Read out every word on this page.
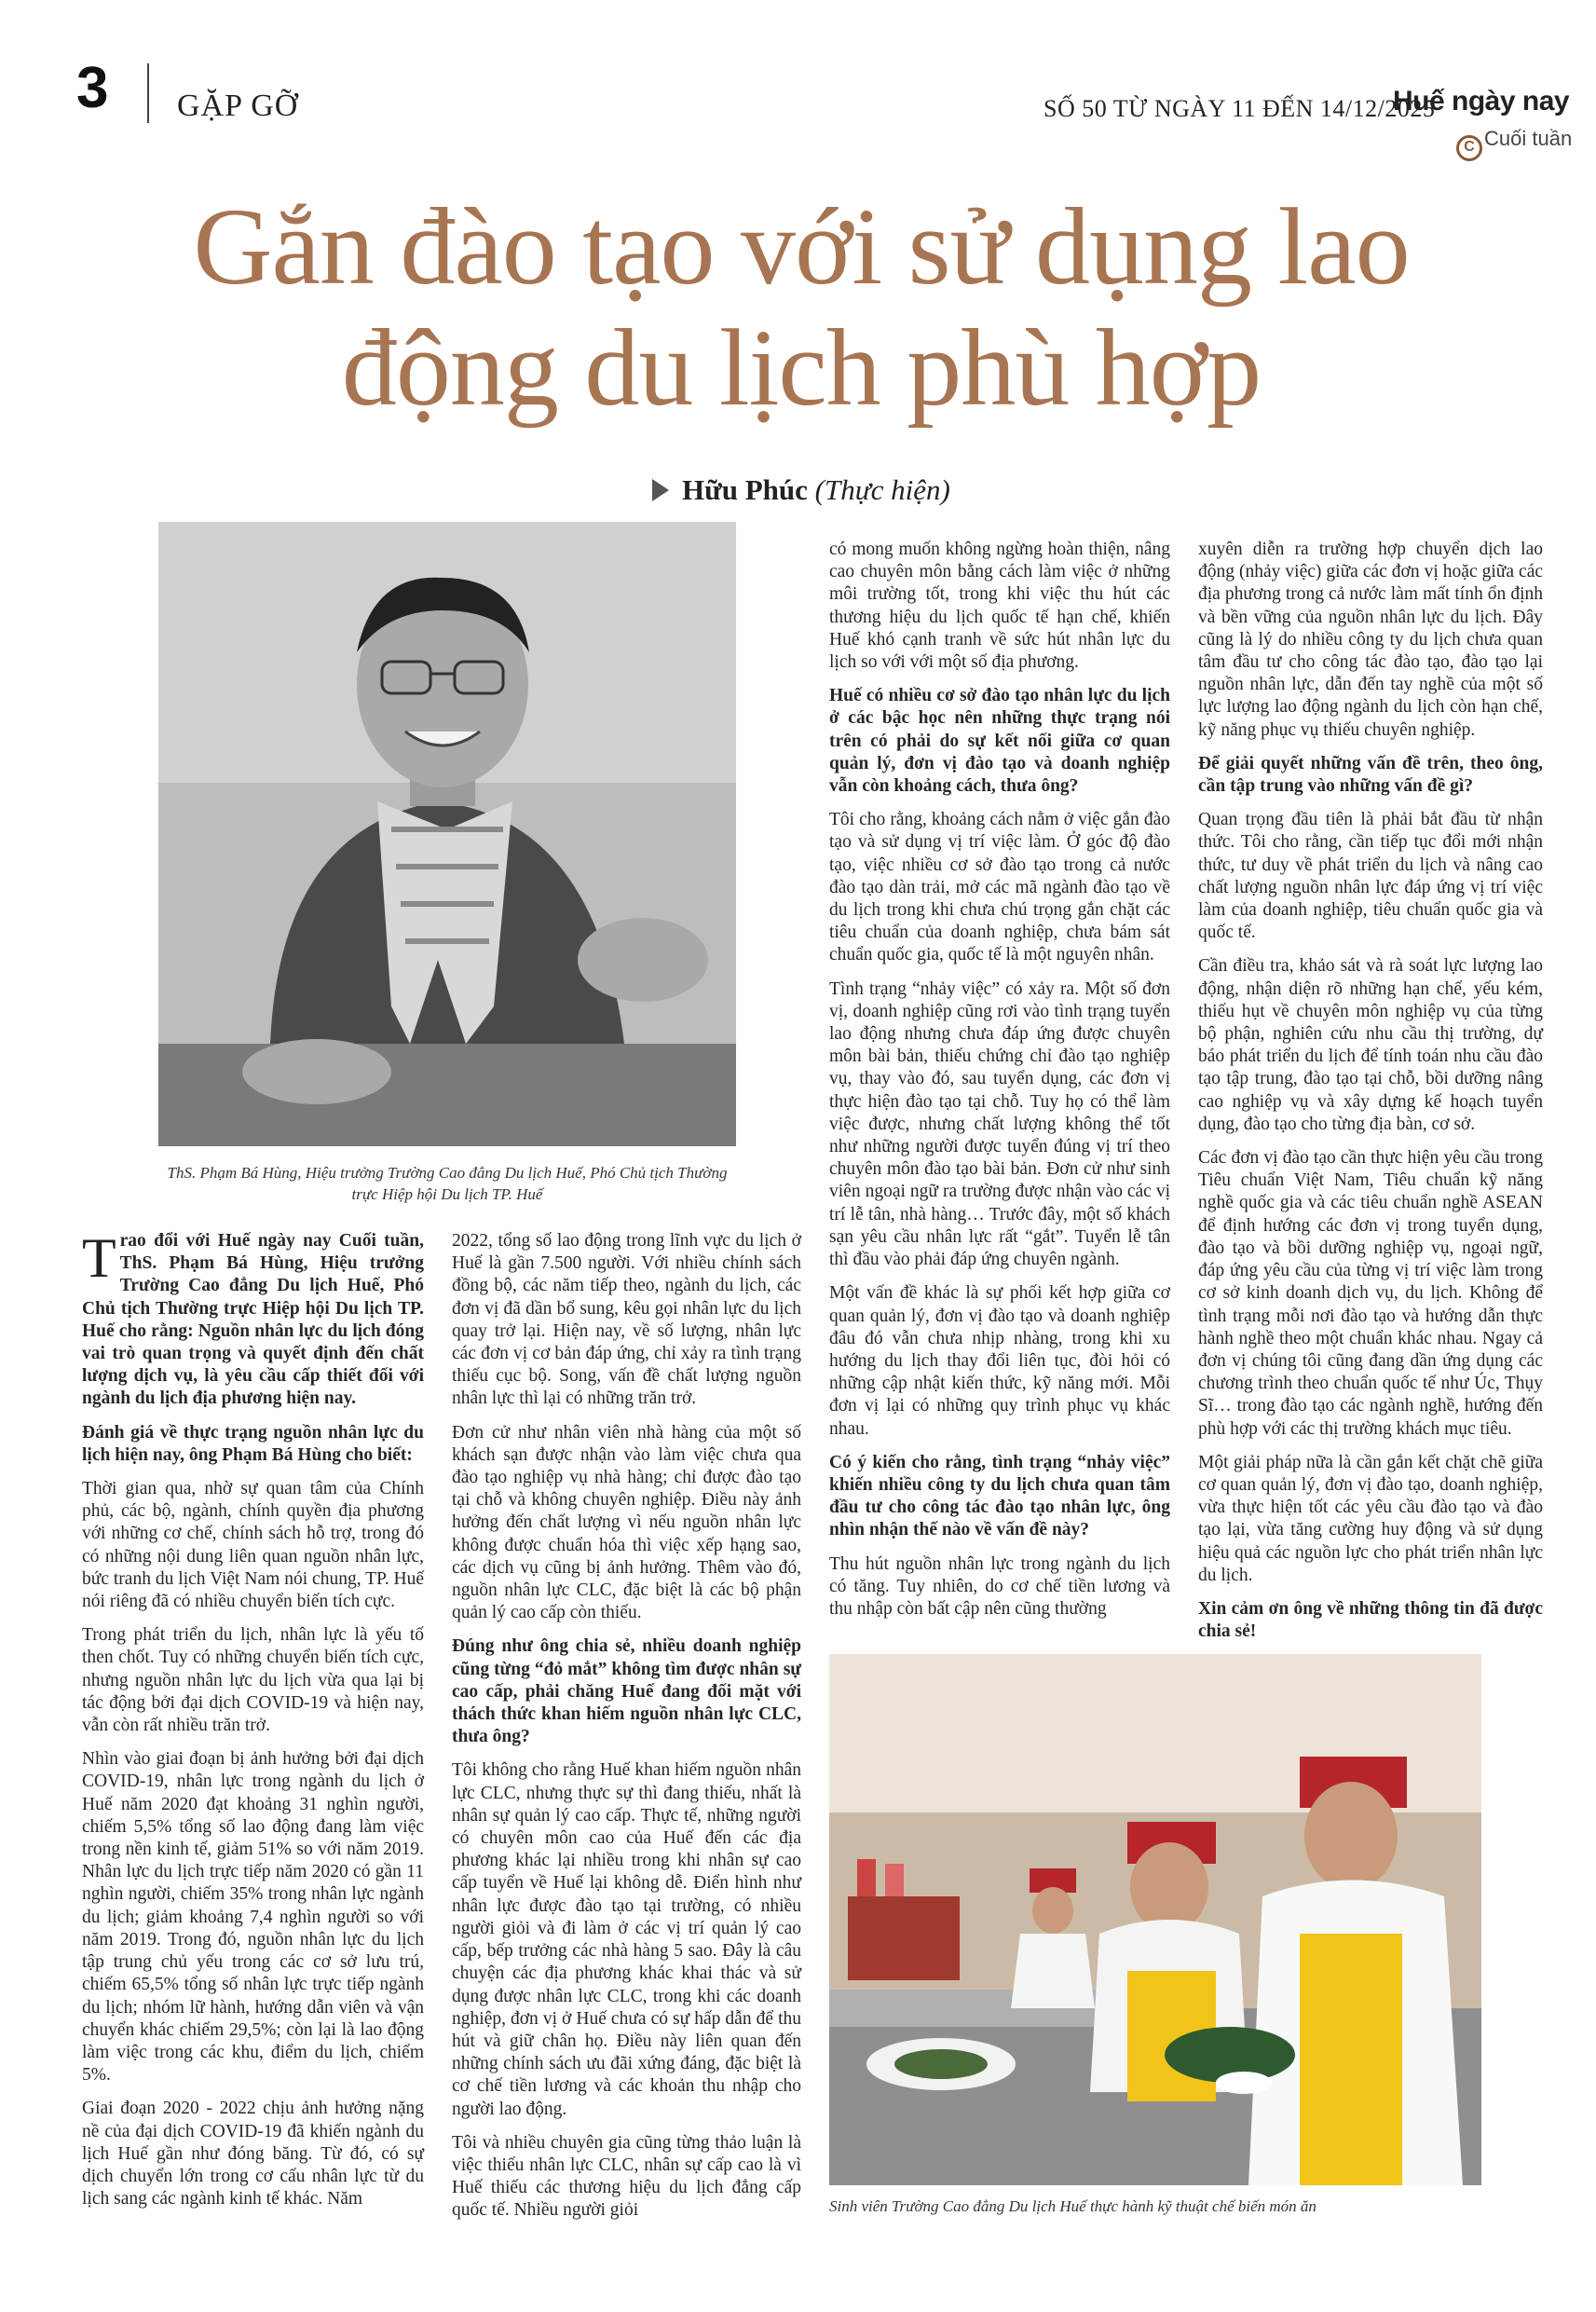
3 GẶP GỠ	SỐ 50 TỪ NGÀY 11 ĐẾN 14/12/2025
Huế ngày nay
C Cuối tuần
Gắn đào tạo với sử dụng lao động du lịch phù hợp
Hữu Phúc (Thực hiện)
ThS. Phạm Bá Hùng, Hiệu trưởng Trường Cao đẳng Du lịch Huế, Phó Chủ tịch Thường trực Hiệp hội Du lịch TP. Huế

Trao đổi với Huế ngày nay Cuối tuần, ThS. Phạm Bá Hùng, Hiệu trưởng Trường Cao đẳng Du lịch Huế, Phó Chủ tịch Thường trực Hiệp hội Du lịch TP. Huế cho rằng: Nguồn nhân lực du lịch đóng vai trò quan trọng và quyết định đến chất lượng dịch vụ, là yêu cầu cấp thiết đối với ngành du lịch địa phương hiện nay.

Đánh giá về thực trạng nguồn nhân lực du lịch hiện nay, ông Phạm Bá Hùng cho biết:

Thời gian qua, nhờ sự quan tâm của Chính phủ, các bộ, ngành, chính quyền địa phương với những cơ chế, chính sách hỗ trợ, trong đó có những nội dung liên quan nguồn nhân lực, bức tranh du lịch Việt Nam nói chung, TP. Huế nói riêng đã có nhiều chuyển biến tích cực.

Trong phát triển du lịch, nhân lực là yếu tố then chốt. Tuy có những chuyển biến tích cực, nhưng nguồn nhân lực du lịch vừa qua lại bị tác động bởi đại dịch COVID-19 và hiện nay, vẫn còn rất nhiều trăn trở.

Nhìn vào giai đoạn bị ảnh hưởng bởi đại dịch COVID-19, nhân lực trong ngành du lịch ở Huế năm 2020 đạt khoảng 31 nghìn người, chiếm 5,5% tổng số lao động đang làm việc trong nền kinh tế, giảm 51% so với năm 2019. Nhân lực du lịch trực tiếp năm 2020 có gần 11 nghìn người, chiếm 35% trong nhân lực ngành du lịch; giảm khoảng 7,4 nghìn người so với năm 2019. Trong đó, nguồn nhân lực du lịch tập trung chủ yếu trong các cơ sở lưu trú, chiếm 65,5% tổng số nhân lực trực tiếp ngành du lịch; nhóm lữ hành, hướng dẫn viên và vận chuyển khác chiếm 29,5%; còn lại là lao động làm việc trong các khu, điểm du lịch, chiếm 5%.

Giai đoạn 2020 - 2022 chịu ảnh hưởng nặng nề của đại dịch COVID-19 đã khiến ngành du lịch Huế gần như đóng băng. Từ đó, có sự dịch chuyển lớn trong cơ cấu nhân lực từ du lịch sang các ngành kinh tế khác. Năm

2022, tổng số lao động trong lĩnh vực du lịch ở Huế là gần 7.500 người. Với nhiều chính sách đồng bộ, các năm tiếp theo, ngành du lịch, các đơn vị đã dần bổ sung, kêu gọi nhân lực du lịch quay trở lại. Hiện nay, về số lượng, nhân lực các đơn vị cơ bản đáp ứng, chỉ xảy ra tình trạng thiếu cục bộ. Song, vấn đề chất lượng nguồn nhân lực thì lại có những trăn trở.

Đơn cử như nhân viên nhà hàng của một số khách sạn được nhận vào làm việc chưa qua đào tạo nghiệp vụ nhà hàng; chỉ được đào tạo tại chỗ và không chuyên nghiệp. Điều này ảnh hưởng đến chất lượng vì nếu nguồn nhân lực không được chuẩn hóa thì việc xếp hạng sao, các dịch vụ cũng bị ảnh hưởng. Thêm vào đó, nguồn nhân lực CLC, đặc biệt là các bộ phận quản lý cao cấp còn thiếu.

Đúng như ông chia sẻ, nhiều doanh nghiệp cũng từng “đỏ mắt” không tìm được nhân sự cao cấp, phải chăng Huế đang đối mặt với thách thức khan hiếm nguồn nhân lực CLC, thưa ông?

Tôi không cho rằng Huế khan hiếm nguồn nhân lực CLC, nhưng thực sự thì đang thiếu, nhất là nhân sự quản lý cao cấp. Thực tế, những người có chuyên môn cao của Huế đến các địa phương khác lại nhiều trong khi nhân sự cao cấp tuyển về Huế lại không dễ. Điển hình như nhân lực được đào tạo tại trường, có nhiều người giỏi và đi làm ở các vị trí quản lý cao cấp, bếp trưởng các nhà hàng 5 sao. Đây là câu chuyện các địa phương khác khai thác và sử dụng được nhân lực CLC, trong khi các doanh nghiệp, đơn vị ở Huế chưa có sự hấp dẫn để thu hút và giữ chân họ. Điều này liên quan đến những chính sách ưu đãi xứng đáng, đặc biệt là cơ chế tiền lương và các khoản thu nhập cho người lao động.

Tôi và nhiều chuyên gia cũng từng thảo luận là việc thiếu nhân lực CLC, nhân sự cấp cao là vì Huế thiếu các thương hiệu du lịch đẳng cấp quốc tế. Nhiều người giỏi

có mong muốn không ngừng hoàn thiện, nâng cao chuyên môn bằng cách làm việc ở những môi trường tốt, trong khi việc thu hút các thương hiệu du lịch quốc tế hạn chế, khiến Huế khó cạnh tranh về sức hút nhân lực du lịch so với với một số địa phương.

Huế có nhiều cơ sở đào tạo nhân lực du lịch ở các bậc học nên những thực trạng nói trên có phải do sự kết nối giữa cơ quan quản lý, đơn vị đào tạo và doanh nghiệp vẫn còn khoảng cách, thưa ông?

Tôi cho rằng, khoảng cách nằm ở việc gắn đào tạo và sử dụng vị trí việc làm. Ở góc độ đào tạo, việc nhiều cơ sở đào tạo trong cả nước đào tạo dàn trải, mở các mã ngành đào tạo về du lịch trong khi chưa chú trọng gắn chặt các tiêu chuẩn của doanh nghiệp, chưa bám sát chuẩn quốc gia, quốc tế là một nguyên nhân.

Tình trạng “nhảy việc” có xảy ra. Một số đơn vị, doanh nghiệp cũng rơi vào tình trạng tuyển lao động nhưng chưa đáp ứng được chuyên môn bài bản, thiếu chứng chỉ đào tạo nghiệp vụ, thay vào đó, sau tuyển dụng, các đơn vị thực hiện đào tạo tại chỗ. Tuy họ có thể làm việc được, nhưng chất lượng không thể tốt như những người được tuyển đúng vị trí theo chuyên môn đào tạo bài bản. Đơn cử như sinh viên ngoại ngữ ra trường được nhận vào các vị trí lễ tân, nhà hàng… Trước đây, một số khách sạn yêu cầu nhân lực rất “gắt”. Tuyển lễ tân thì đầu vào phải đáp ứng chuyên ngành.

Một vấn đề khác là sự phối kết hợp giữa cơ quan quản lý, đơn vị đào tạo và doanh nghiệp đâu đó vẫn chưa nhịp nhàng, trong khi xu hướng du lịch thay đổi liên tục, đòi hỏi có những cập nhật kiến thức, kỹ năng mới. Mỗi đơn vị lại có những quy trình phục vụ khác nhau.

Có ý kiến cho rằng, tình trạng “nhảy việc” khiến nhiều công ty du lịch chưa quan tâm đầu tư cho công tác đào tạo nhân lực, ông nhìn nhận thế nào về vấn đề này?

Thu hút nguồn nhân lực trong ngành du lịch có tăng. Tuy nhiên, do cơ chế tiền lương và thu nhập còn bất cập nên cũng thường

xuyên diễn ra trường hợp chuyển dịch lao động (nhảy việc) giữa các đơn vị hoặc giữa các địa phương trong cả nước làm mất tính ổn định và bền vững của nguồn nhân lực du lịch. Đây cũng là lý do nhiều công ty du lịch chưa quan tâm đầu tư cho công tác đào tạo, đào tạo lại nguồn nhân lực, dẫn đến tay nghề của một số lực lượng lao động ngành du lịch còn hạn chế, kỹ năng phục vụ thiếu chuyên nghiệp.

Để giải quyết những vấn đề trên, theo ông, cần tập trung vào những vấn đề gì?

Quan trọng đầu tiên là phải bắt đầu từ nhận thức. Tôi cho rằng, cần tiếp tục đổi mới nhận thức, tư duy về phát triển du lịch và nâng cao chất lượng nguồn nhân lực đáp ứng vị trí việc làm của doanh nghiệp, tiêu chuẩn quốc gia và quốc tế.

Cần điều tra, khảo sát và rà soát lực lượng lao động, nhận diện rõ những hạn chế, yếu kém, thiếu hụt về chuyên môn nghiệp vụ của từng bộ phận, nghiên cứu nhu cầu thị trường, dự báo phát triển du lịch để tính toán nhu cầu đào tạo tập trung, đào tạo tại chỗ, bồi dưỡng nâng cao nghiệp vụ và xây dựng kế hoạch tuyển dụng, đào tạo cho từng địa bàn, cơ sở.

Các đơn vị đào tạo cần thực hiện yêu cầu trong Tiêu chuẩn Việt Nam, Tiêu chuẩn kỹ năng nghề quốc gia và các tiêu chuẩn nghề ASEAN để định hướng các đơn vị trong tuyển dụng, đào tạo và bồi dưỡng nghiệp vụ, ngoại ngữ, đáp ứng yêu cầu của từng vị trí việc làm trong cơ sở kinh doanh dịch vụ, du lịch. Không để tình trạng mỗi nơi đào tạo và hướng dẫn thực hành nghề theo một chuẩn khác nhau. Ngay cả đơn vị chúng tôi cũng đang dần ứng dụng các chương trình theo chuẩn quốc tế như Úc, Thụy Sĩ… trong đào tạo các ngành nghề, hướng đến phù hợp với các thị trường khách mục tiêu.

Một giải pháp nữa là cần gắn kết chặt chẽ giữa cơ quan quản lý, đơn vị đào tạo, doanh nghiệp, vừa thực hiện tốt các yêu cầu đào tạo và đào tạo lại, vừa tăng cường huy động và sử dụng hiệu quả các nguồn lực cho phát triển nhân lực du lịch.

Xin cảm ơn ông về những thông tin đã được chia sẻ!

Sinh viên Trường Cao đẳng Du lịch Huế thực hành kỹ thuật chế biến món ăn
